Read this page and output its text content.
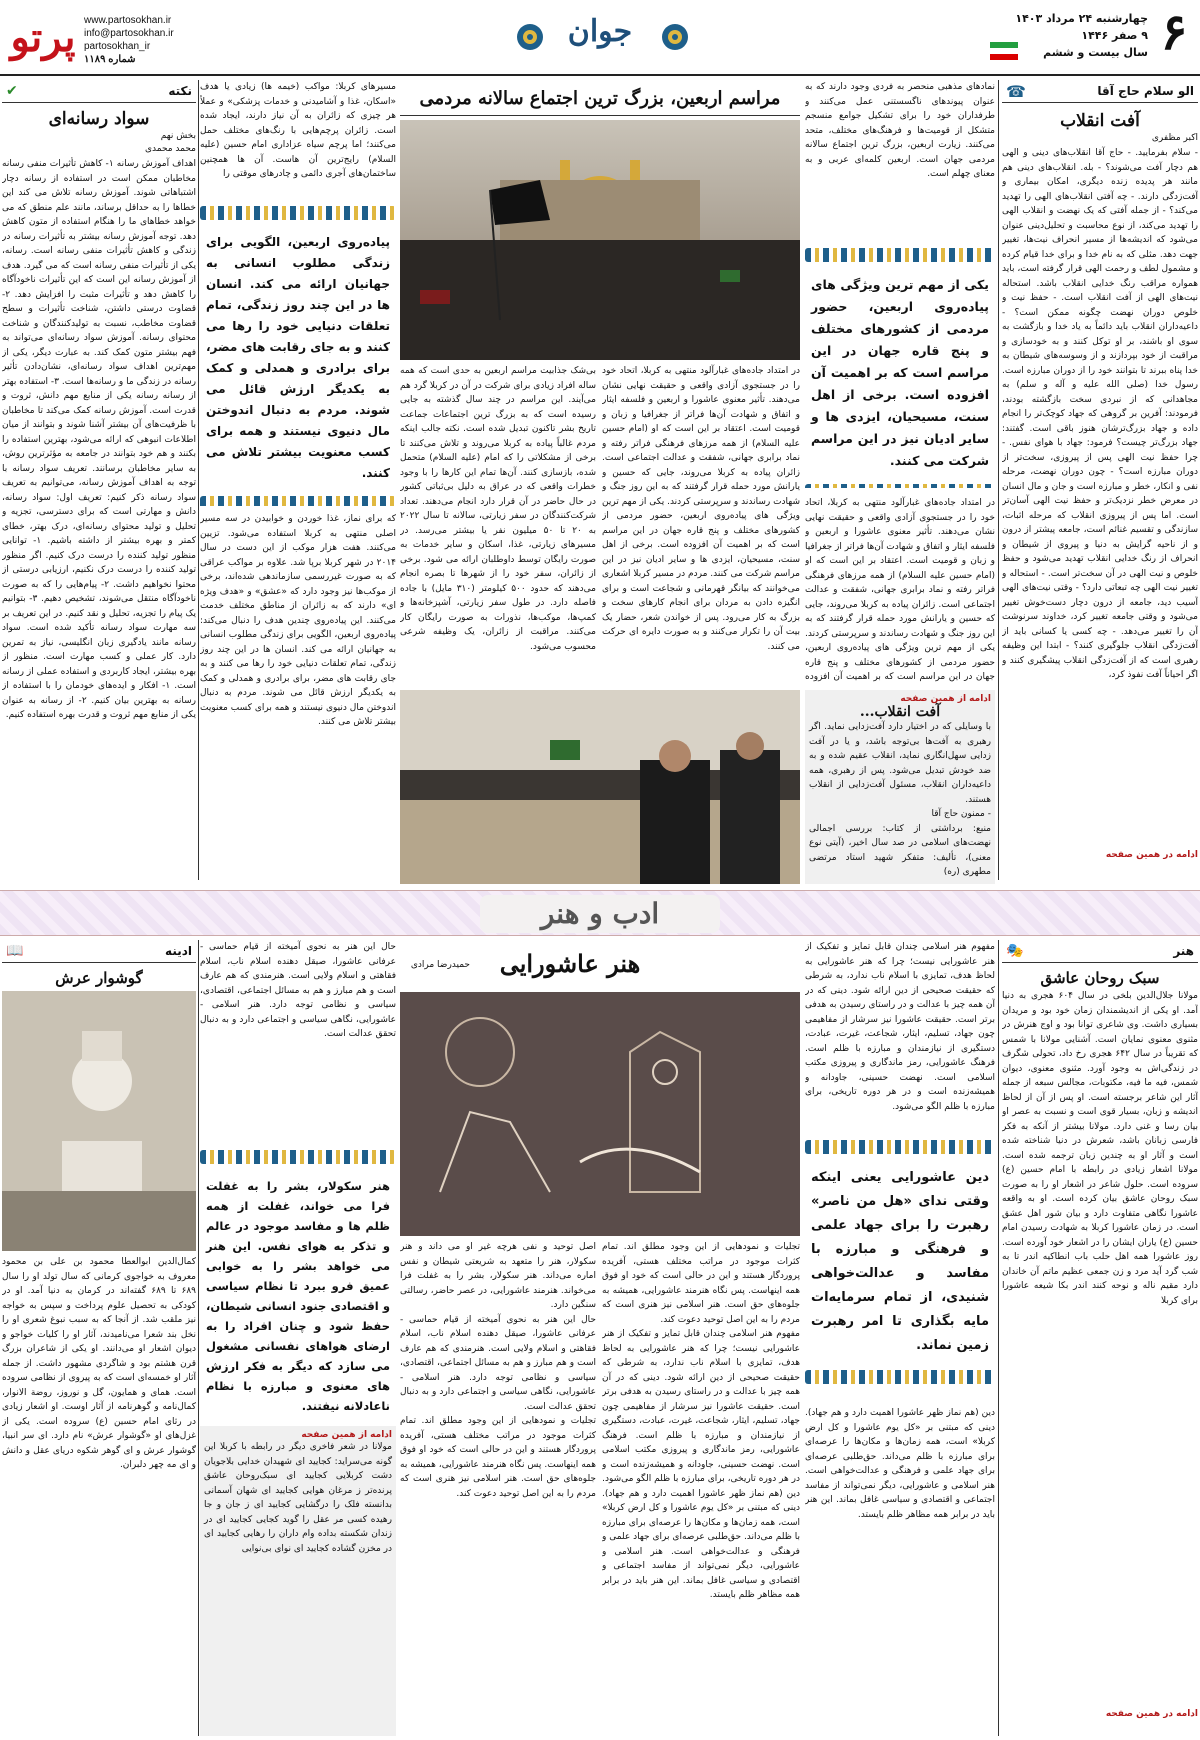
۶
چهارشنبه ۲۴ مرداد ۱۴۰۳
۹ صفر ۱۴۴۶
سال بیست و ششم
جوان
www.partosokhan.ir
info@partosokhan.ir
partosokhan_ir
شماره ۱۱۸۹
پرتو
الو سلام حاج آقا
☎
آفت انقلاب
اکبر مظفری

- سلام بفرمایید. - حاج آقا انقلاب‌های دینی و الهی هم دچار آفت می‌شوند؟ - بله. انقلاب‌های دینی هم مانند هر پدیده زنده دیگری، امکان بیماری و آفت‌زدگی دارند. - چه آفتی انقلاب‌های الهی را تهدید می‌کند؟ - از جمله آفتی که یک نهضت و انقلاب الهی را تهدید می‌کند، از نوع محاسبت و تحلیل‌دینی عنوان می‌شود که اندیشه‌ها از مسیر انحراف نیت‌ها، تغییر جهت دهد. مثلی که به نام خدا و برای خدا قیام کرده و مشمول لطف و رحمت الهی قرار گرفته است، باید همواره مراقب رنگ خدایی انقلاب باشد. استحاله نیت‌های الهی از آفت انقلاب است. - حفظ نیت و خلوص دوران نهضت چگونه ممکن است؟ - داعیه‌داران انقلاب باید دائماً به یاد خدا و بازگشت به سوی او باشند، بر او توکل کنند و به خودسازی و مراقبت از خود بپردازند و از وسوسه‌های شیطان به خدا پناه ببرند تا بتوانند خود را از دوران مبارزه است. رسول خدا (صلی الله علیه و آله و سلم) به مجاهدانی که از نبردی سخت بازگشته بودند، فرمودند: آفرین بر گروهی که جهاد کوچک‌تر را انجام داده و جهاد بزرگ‌ترشان هنوز باقی است. گفتند: جهاد بزرگ‌تر چیست؟ فرمود: جهاد با هوای نفس. - چرا حفظ نیت الهی پس از پیروزی، سخت‌تر از دوران مبارزه است؟ - چون دوران نهضت، مرحله نفی و انکار، خطر و مبارزه است و جان و مال انسان در معرض خطر نزدیک‌تر و حفظ نیت الهی آسان‌تر است. اما پس از پیروزی انقلاب که مرحله اثبات، سازندگی و تقسیم غنائم است، جامعه پیشتر از درون و از ناحیه گرایش به دنیا و پیروی از شیطان و انحراف از رنگ خدایی انقلاب تهدید می‌شود و حفظ خلوص و نیت الهی در آن سخت‌تر است. - استحاله و تغییر نیت الهی چه تبعاتی دارد؟ - وقتی نیت‌های الهی آسیب دید، جامعه از درون دچار دست‌خوش تغییر می‌شود و وقتی جامعه تغییر کرد، خداوند سرنوشت آن را تغییر می‌دهد. - چه کسی یا کسانی باید از آفت‌زدگی انقلاب جلوگیری کنند؟ - ابتدا این وظیفه رهبری است که از آفت‌زدگی انقلاب پیشگیری کنند و اگر احیاناً آفت نفوذ کرد،

ادامه در همین صفحه
مراسم اربعین، بزرگ ترین اجتماع سالانه مردمی

نمادهای مذهبی منحصر به فردی وجود دارند که به عنوان پیوندهای ناگسستنی عمل می‌کنند و طرفداران خود را برای تشکیل جوامع منسجم متشکل از قومیت‌ها و فرهنگ‌های مختلف، متحد می‌کنند. زیارت اربعین، بزرگ ترین اجتماع سالانه مردمی جهان است. اربعین کلمه‌ای عربی و به معنای چهلم است.

یکی از مهم ترین ویژگی های پیاده‌روی اربعین، حضور مردمی از کشورهای مختلف و پنج قاره جهان در این مراسم است که بر اهمیت آن افزوده است. برخی از اهل سنت، مسیحیان، ایزدی ها و سایر ادیان نیز در این مراسم شرکت می کنند.

در امتداد جاده‌های غبارآلود منتهی به کربلا، اتحاد خود را در جستجوی آزادی واقعی و حقیقت نهایی نشان می‌دهند. تأثیر معنوی عاشورا و اربعین و فلسفه ایثار و اتفاق و شهادت آن‌ها فراتر از جغرافیا و زبان و قومیت است. اعتقاد بر این است که او (امام حسین علیه السلام) از همه مرزهای فرهنگی فراتر رفته و نماد برابری جهانی، شفقت و عدالت اجتماعی است. زائران پیاده به کربلا می‌روند، جایی که حسین و یارانش مورد حمله قرار گرفتند که به این روز جنگ و شهادت رساندند و سرپرستی کردند. یکی از مهم ترین ویژگی های پیاده‌روی اربعین، حضور مردمی از کشورهای مختلف و پنج قاره جهان در این مراسم است که بر اهمیت آن افزوده

در امتداد جاده‌های غبارآلود منتهی به کربلا، اتحاد خود را در جستجوی آزادی واقعی و حقیقت نهایی نشان می‌دهند. تأثیر معنوی عاشورا و اربعین و فلسفه ایثار و اتفاق و شهادت آن‌ها فراتر از جغرافیا و زبان و قومیت است. اعتقاد بر این است که او (امام حسین علیه السلام) از همه مرزهای فرهنگی فراتر رفته و نماد برابری جهانی، شفقت و عدالت اجتماعی است. زائران پیاده به کربلا می‌روند، جایی که حسین و یارانش مورد حمله قرار گرفتند که به این روز جنگ و شهادت رساندند و سرپرستی کردند. یکی از مهم ترین ویژگی های پیاده‌روی اربعین، حضور مردمی از کشورهای مختلف و پنج قاره جهان در این مراسم است که بر اهمیت آن افزوده است. برخی از اهل سنت، مسیحیان، ایزدی ها و سایر ادیان نیز در این مراسم شرکت می کنند. مردم در مسیر کربلا اشعاری می‌خوانند که بیانگر قهرمانی و شجاعت است و برای انگیزه دادن به مردان برای انجام کارهای سخت و بزرگ به کار می‌رود. پس از خواندن شعر، حضار یک بیت آن را تکرار می‌کنند و به صورت دایره ای حرکت می کنند.

بی‌شک جذابیت مراسم اربعین به حدی است که همه ساله افراد زیادی برای شرکت در آن در کربلا گرد هم می‌آیند. این مراسم در چند سال گذشته به جایی رسیده است که به بزرگ ترین اجتماعات جماعت تاریخ بشر تاکنون تبدیل شده است. نکته جالب اینکه مردم غالباً پیاده به کربلا می‌روند و تلاش می‌کنند تا برخی از مشکلاتی را که امام (علیه السلام) متحمل شده، بازسازی کنند. آن‌ها تمام این کارها را با وجود خطرات واقعی که در عراق به دلیل بی‌ثباتی کشور در حال حاضر در آن قرار دارد انجام می‌دهند. تعداد شرکت‌کنندگان در سفر زیارتی، سالانه تا سال ۲۰۲۲ به ۲۰ تا ۵۰ میلیون نفر یا بیشتر می‌رسد. در مسیرهای زیارتی، غذا، اسکان و سایر خدمات به صورت رایگان توسط داوطلبان ارائه می شود. برخی از زائران، سفر خود را از شهرها تا بصره انجام می‌دهند که حدود ۵۰۰ کیلومتر (۳۱۰ مایل) با جاده فاصله دارد. در طول سفر زیارتی، آشپزخانه‌ها و کمپ‌ها، موکب‌ها، نذورات به صورت رایگان کار می‌کنند. مراقبت از زائران، یک وظیفه شرعی محسوب می‌شود.

مسیرهای کربلا: مواکب (خیمه ها) زیادی یا هدف «اسکان، غذا و آشامیدنی و خدمات پزشکی» و عملاً هر چیزی که زائران به آن نیاز دارند، ایجاد شده است. زائران پرچم‌هایی با رنگ‌های مختلف حمل می‌کنند؛ اما پرچم سیاه عزاداری امام حسین (علیه السلام) رایج‌ترین آن هاست. آن ها همچنین ساختمان‌های آجری دائمی و چادرهای موقتی را

پیاده‌روی اربعین، الگویی برای زندگی مطلوب انسانی به جهانیان ارائه می کند. انسان ها در این چند روز زندگی، تمام تعلقات دنیایی خود را رها می کنند و به جای رقابت های مضر، برای برادری و همدلی و کمک به یکدیگر ارزش قائل می شوند. مردم به دنبال اندوختن مال دنیوی نیستند و همه برای کسب معنویت بیشتر تلاش می کنند.

که برای نماز، غذا خوردن و خوابیدن در سه مسیر اصلی منتهی به کربلا استفاده می‌شود. تزیین می‌کنند. هفت هزار موکب از این دست در سال ۲۰۱۴ در شهر کربلا برپا شد. علاوه بر مواکب عراقی که به صورت غیررسمی سازماندهی شده‌اند، برخی از موکب‌ها نیز وجود دارد که «عشق» و «هدف ویژه ای» دارند که به زائران از مناطق مختلف خدمت می‌کنند. این پیاده‌روی چندین هدف را دنبال می‌کند: پیاده‌روی اربعین، الگویی برای زندگی مطلوب انسانی به جهانیان ارائه می کند. انسان ها در این چند روز زندگی، تمام تعلقات دنیایی خود را رها می کنند و به جای رقابت های مضر، برای برادری و همدلی و کمک به یکدیگر ارزش قائل می شوند. مردم به دنبال اندوختن مال دنیوی نیستند و همه برای کسب معنویت بیشتر تلاش می کنند.

ادامه از همین صفحه
آفت انقلاب...

با وسایلی که در اختیار دارد آفت‌زدایی نماید. اگر رهبری به آفت‌ها بی‌توجه باشد، و یا در آفت زدایی سهل‌انگاری نماید، انقلاب عقیم شده و به ضد خودش تبدیل می‌شود. پس از رهبری، همه داعیه‌داران انقلاب، مسئول آفت‌زدایی از انقلاب هستند.

- ممنون حاج آقا

منبع: برداشتی از کتاب: بررسی اجمالی نهضت‌های اسلامی در صد سال اخیر، (آیتی نوع معنی)، تألیف: متفکر شهید استاد مرتضی مطهری (ره)

نکته
✔
سواد رسانه‌ای
بخش نهم
محمد محمدی

اهداف آموزش رسانه ۱- کاهش تأثیرات منفی رسانه مخاطبان ممکن است در استفاده از رسانه دچار اشتباهاتی شوند. آموزش رسانه تلاش می کند این خطاها را به حداقل برساند، مانند علم منطق که می خواهد خطاهای ما را هنگام استفاده از متون کاهش دهد. توجه آموزش رسانه بیشتر به تأثیرات رسانه در زندگی و کاهش تأثیرات منفی رسانه است. رسانه، یکی از تأثیرات منفی رسانه است که می گیرد. هدف از آموزش رسانه این است که این تأثیرات ناخودآگاه را کاهش دهد و تأثیرات مثبت را افزایش دهد. ۲- قضاوت درستی داشتن، شناخت تأثیرات و سطح قضاوت مخاطب، نسبت به تولیدکنندگان و شناخت محتوای رسانه. آموزش سواد رسانه‌ای می‌تواند به فهم بیشتر متون کمک کند. به عبارت دیگر، یکی از مهم‌ترین اهداف سواد رسانه‌ای، نشان‌دادن تأثیر رسانه در زندگی ما و رسانه‌ها است. ۳- استفاده بهتر از رسانه رسانه یکی از منابع مهم دانش، ثروت و قدرت است. آموزش رسانه کمک می‌کند تا مخاطبان با ظرفیت‌های آن بیشتر آشنا شوند و بتوانند از میان اطلاعات انبوهی که ارائه می‌شود، بهترین استفاده را بکنند و هم خود بتوانند در جامعه به مؤثرترین روش، به سایر مخاطبان برسانند. تعریف سواد رسانه با توجه به اهداف آموزش رسانه، می‌توانیم به تعریف سواد رسانه ذکر کنیم: تعریف اول: سواد رسانه، دانش و مهارتی است که برای دسترسی، تجزیه و تحلیل و تولید محتوای رسانه‌ای، درک بهتر، خطای کمتر و بهره بیشتر از داشته باشیم. ۱- توانایی منظور تولید کننده را درست درک کنیم. اگر منظور تولید کننده را درست درک نکنیم، ارزیابی درستی از محتوا نخواهیم داشت. ۲- پیام‌هایی را که به صورت ناخودآگاه منتقل می‌شوند، تشخیص دهیم. ۳- بتوانیم یک پیام را تجزیه، تحلیل و نقد کنیم. در این تعریف بر سه مهارت سواد رسانه تأکید شده است. سواد رسانه مانند یادگیری زبان انگلیسی، نیاز به تمرین دارد. کار عملی و کسب مهارت است. منظور از بهره بیشتر، ایجاد کاربردی و استفاده عملی از رسانه است. ۱- افکار و ایده‌های خودمان را با استفاده از رسانه به بهترین بیان کنیم. ۲- از رسانه به عنوان یکی از منابع مهم ثروت و قدرت بهره استفاده کنیم.

ادب و هنر
هنر
🎭
سبک روحان عاشق

مولانا جلال‌الدین بلخی در سال ۶۰۴ هجری به دنیا آمد. او یکی از اندیشمندان زمان خود بود و مریدان بسیاری داشت. وی شاعری توانا بود و اوج هنرش در مثنوی معنوی نمایان است. آشنایی مولانا با شمس که تقریباً در سال ۶۴۲ هجری رخ داد، تحولی شگرف در زندگی‌اش به وجود آورد. مثنوی معنوی، دیوان شمس، فیه ما فیه، مکتوبات، مجالس سبعه از جمله آثار این شاعر برجسته است. او پس از آن از لحاظ اندیشه و زبان، بسیار قوی است و نسبت به عصر او بیان رسا و غنی دارد. مولانا بیشتر از آنکه به فکر فارسی زبانان باشد، شعرش در دنیا شناخته شده است و آثار او به چندین زبان ترجمه شده است. مولانا اشعار زیادی در رابطه با امام حسین (ع) سروده است. حلول شاعر در اشعار او را به صورت سبک روحان عاشق بیان کرده است. او به واقعه عاشورا نگاهی متفاوت دارد و بیان شور اهل عشق است. در زمان عاشورا کربلا به شهادت رسیدن امام حسین (ع) یاران ایشان را در اشعار خود آورده است. روز عاشورا همه اهل حلب باب انطاکیه اندر تا به شب گرد آید مرد و زن جمعی عظیم ماتم آن خاندان دارد مقیم ناله و نوحه کنند اندر بکا شیعه عاشورا برای کربلا

ادامه در همین صفحه
هنر عاشورایی
حمیدرضا مرادی

مفهوم هنر اسلامی چندان قابل تمایز و تفکیک از هنر عاشورایی نیست؛ چرا که هنر عاشورایی به لحاظ هدف، تمایزی با اسلام ناب ندارد، به شرطی که حقیقت صحیحی از دین ارائه شود. دینی که در آن همه چیز با عدالت و در راستای رسیدن به هدفی برتر است. حقیقت عاشورا نیز سرشار از مفاهیمی چون جهاد، تسلیم، ایثار، شجاعت، غیرت، عبادت، دستگیری از نیازمندان و مبارزه با ظلم است. فرهنگ عاشورایی، رمز ماندگاری و پیروزی مکتب اسلامی است. نهضت حسینی، جاودانه و همیشه‌زنده است و در هر دوره تاریخی، برای مبارزه با ظلم الگو می‌شود.

دین عاشورایی یعنی اینکه وقتی ندای «هل من ناصر» رهبرت را برای جهاد علمی و فرهنگی و مبارزه با مفاسد و عدالت‌خواهی شنیدی، از تمام سرمایه‌ات مایه بگذاری تا امر رهبرت زمین نماند.

دین (هم نماز ظهر عاشورا اهمیت دارد و هم جهاد). دینی که مبتنی بر «کل یوم عاشورا و کل ارض کربلا» است، همه زمان‌ها و مکان‌ها را عرصه‌ای برای مبارزه با ظلم می‌داند. حق‌طلبی عرصه‌ای برای جهاد علمی و فرهنگی و عدالت‌خواهی است. هنر اسلامی و عاشورایی، دیگر نمی‌تواند از مفاسد اجتماعی و اقتصادی و سیاسی غافل بماند. این هنر باید در برابر همه مظاهر ظلم بایستد.

تجلیات و نمودهایی از این وجود مطلق اند. تمام کثرات موجود در مراتب مختلف هستی، آفریده پروردگار هستند و این در حالی است که خود او فوق همه اینهاست. پس نگاه هنرمند عاشورایی، همیشه به جلوه‌های حق است. هنر اسلامی نیز هنری است که مردم را به این اصل توحید دعوت کند.

مفهوم هنر اسلامی چندان قابل تمایز و تفکیک از هنر عاشورایی نیست؛ چرا که هنر عاشورایی به لحاظ هدف، تمایزی با اسلام ناب ندارد، به شرطی که حقیقت صحیحی از دین ارائه شود. دینی که در آن همه چیز با عدالت و در راستای رسیدن به هدفی برتر است. حقیقت عاشورا نیز سرشار از مفاهیمی چون جهاد، تسلیم، ایثار، شجاعت، غیرت، عبادت، دستگیری از نیازمندان و مبارزه با ظلم است. فرهنگ عاشورایی، رمز ماندگاری و پیروزی مکتب اسلامی است. نهضت حسینی، جاودانه و همیشه‌زنده است و در هر دوره تاریخی، برای مبارزه با ظلم الگو می‌شود.

دین (هم نماز ظهر عاشورا اهمیت دارد و هم جهاد). دینی که مبتنی بر «کل یوم عاشورا و کل ارض کربلا» است، همه زمان‌ها و مکان‌ها را عرصه‌ای برای مبارزه با ظلم می‌داند. حق‌طلبی عرصه‌ای برای جهاد علمی و فرهنگی و عدالت‌خواهی است. هنر اسلامی و عاشورایی، دیگر نمی‌تواند از مفاسد اجتماعی و اقتصادی و سیاسی غافل بماند. این هنر باید در برابر همه مظاهر ظلم بایستد.

اصل توحید و نفی هرچه غیر او می داند و هنر سکولار، هنر را متعهد به شریعتی شیطان و نفس اماره می‌داند. هنر سکولار، بشر را به غفلت فرا می‌خواند. هنرمند عاشورایی، در عصر حاضر، رسالتی سنگین دارد.

حال این هنر به نحوی آمیخته از قیام حماسی - عرفانی عاشورا، صیقل دهنده اسلام ناب، اسلام فقاهتی و اسلام ولایی است. هنرمندی که هم عارف است و هم مبارز و هم به مسائل اجتماعی، اقتصادی، سیاسی و نظامی توجه دارد. هنر اسلامی - عاشورایی، نگاهی سیاسی و اجتماعی دارد و به دنبال تحقق عدالت است.

تجلیات و نمودهایی از این وجود مطلق اند. تمام کثرات موجود در مراتب مختلف هستی، آفریده پروردگار هستند و این در حالی است که خود او فوق همه اینهاست. پس نگاه هنرمند عاشورایی، همیشه به جلوه‌های حق است. هنر اسلامی نیز هنری است که مردم را به این اصل توحید دعوت کند.

حال این هنر به نحوی آمیخته از قیام حماسی - عرفانی عاشورا، صیقل دهنده اسلام ناب، اسلام فقاهتی و اسلام ولایی است. هنرمندی که هم عارف است و هم مبارز و هم به مسائل اجتماعی، اقتصادی، سیاسی و نظامی توجه دارد. هنر اسلامی - عاشورایی، نگاهی سیاسی و اجتماعی دارد و به دنبال تحقق عدالت است.

هنر سکولار، بشر را به غفلت فرا می خواند، غفلت از همه ظلم ها و مفاسد موجود در عالم و تذکر به هوای نفس. این هنر می خواهد بشر را به خوابی عمیق فرو ببرد تا نظام سیاسی و اقتصادی جنود انسانی شیطان، حفظ شود و چنان افراد را به ارضای هواهای نفسانی مشغول می سازد که دیگر به فکر ارزش های معنوی و مبارزه با نظام ناعادلانه نیفتند.

ادامه از همین صفحه

مولانا در شعر فاخری دیگر در رابطه با کربلا این گونه می‌سراید: کجایید ای شهیدان خدایی بلاجویان دشت کربلایی کجایید ای سبک‌روحان عاشق پرنده‌تر ز مرغان هوایی کجایید ای شهان آسمانی بدانسته فلک را درگشایی کجایید ای ز جان و جا رهیده کسی مر عقل را گوید کجایی کجایید ای در زندان شکسته بداده وام داران را رهایی کجایید ای در مخزن گشاده کجایید ای نوای بی‌نوایی

ادینه
📖
گوشوار عرش

کمال‌الدین ابوالعطا محمود بن علی بن محمود معروف به خواجوی کرمانی که سال تولد او را سال ۶۸۹ تا ۶۸۹ گفته‌اند در کرمان به دنیا آمد. او در کودکی به تحصیل علوم پرداخت و سپس به خواجه نیز ملقب شد. از آنجا که به سبب نبوغ شعری او را نخل بند شعرا می‌نامیدند، آثار او را کلیات خواجو و دیوان اشعار او می‌دانند. او یکی از شاعران بزرگ قرن هشتم بود و شاگردی مشهور داشت. از جمله آثار او خمسه‌ای است که به پیروی از نظامی سروده است. همای و همایون، گل و نوروز، روضة الانوار، کمال‌نامه و گوهرنامه از آثار اوست. او اشعار زیادی در رثای امام حسین (ع) سروده است. یکی از غزل‌های او «گوشوار عرش» نام دارد. ای سر انبیا، گوشوار عرش و ای گوهر شکوه دریای عقل و دانش و ای مه چهر دلبران.
